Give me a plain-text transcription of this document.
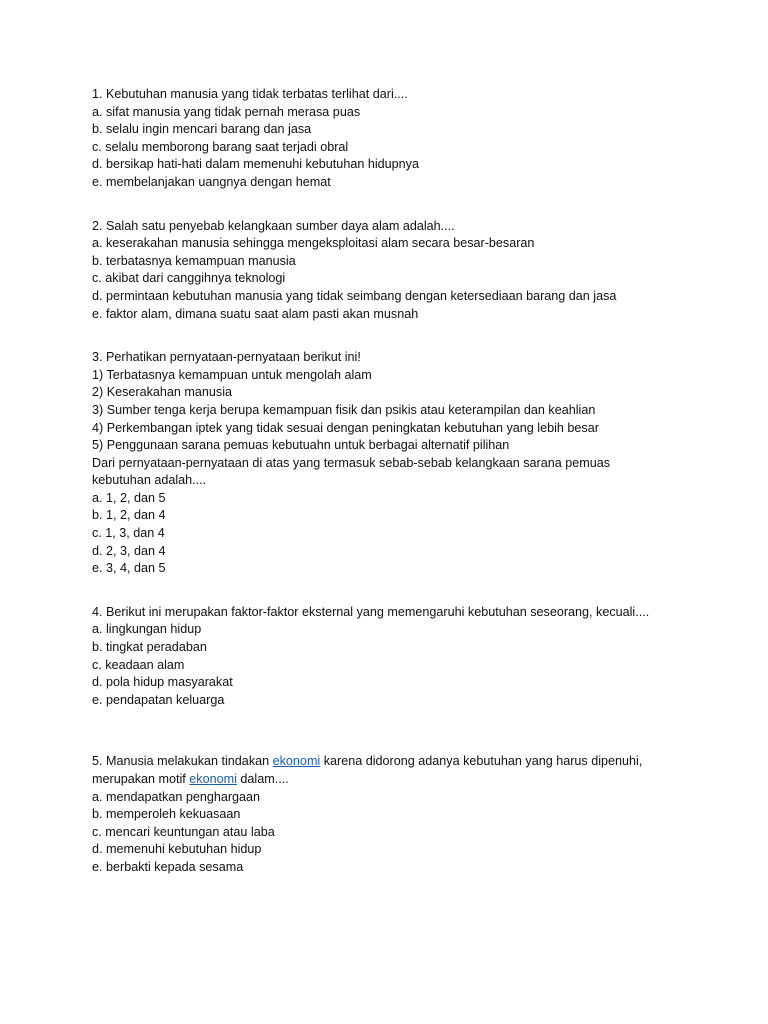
1. Kebutuhan manusia yang tidak terbatas terlihat dari....
a. sifat manusia yang tidak pernah merasa puas
b. selalu ingin mencari barang dan jasa
c. selalu memborong barang saat terjadi obral
d. bersikap hati-hati dalam memenuhi kebutuhan hidupnya
e. membelanjakan uangnya dengan hemat
2. Salah satu penyebab kelangkaan sumber daya alam adalah....
a. keserakahan manusia sehingga mengeksploitasi alam secara besar-besaran
b. terbatasnya kemampuan manusia
c. akibat dari canggihnya teknologi
d. permintaan kebutuhan manusia yang tidak seimbang dengan ketersediaan barang dan jasa
e. faktor alam, dimana suatu saat alam pasti akan musnah
3. Perhatikan pernyataan-pernyataan berikut ini!
1) Terbatasnya kemampuan untuk mengolah alam
2) Keserakahan manusia
3) Sumber tenga kerja berupa kemampuan fisik dan psikis atau keterampilan dan keahlian
4) Perkembangan iptek yang tidak sesuai dengan peningkatan kebutuhan yang lebih besar
5) Penggunaan sarana pemuas kebutuahn untuk berbagai alternatif pilihan
Dari pernyataan-pernyataan di atas yang termasuk sebab-sebab kelangkaan sarana pemuas
kebutuhan adalah....
a. 1, 2, dan 5
b. 1, 2, dan 4
c. 1, 3, dan 4
d. 2, 3, dan 4
e. 3, 4, dan 5
4. Berikut ini merupakan faktor-faktor eksternal yang memengaruhi kebutuhan seseorang, kecuali....
a. lingkungan hidup
b. tingkat peradaban
c. keadaan alam
d. pola hidup masyarakat
e. pendapatan keluarga
5. Manusia melakukan tindakan ekonomi karena didorong adanya kebutuhan yang harus dipenuhi,
merupakan motif ekonomi dalam....
a. mendapatkan penghargaan
b. memperoleh kekuasaan
c. mencari keuntungan atau laba
d. memenuhi kebutuhan hidup
e. berbakti kepada sesama
